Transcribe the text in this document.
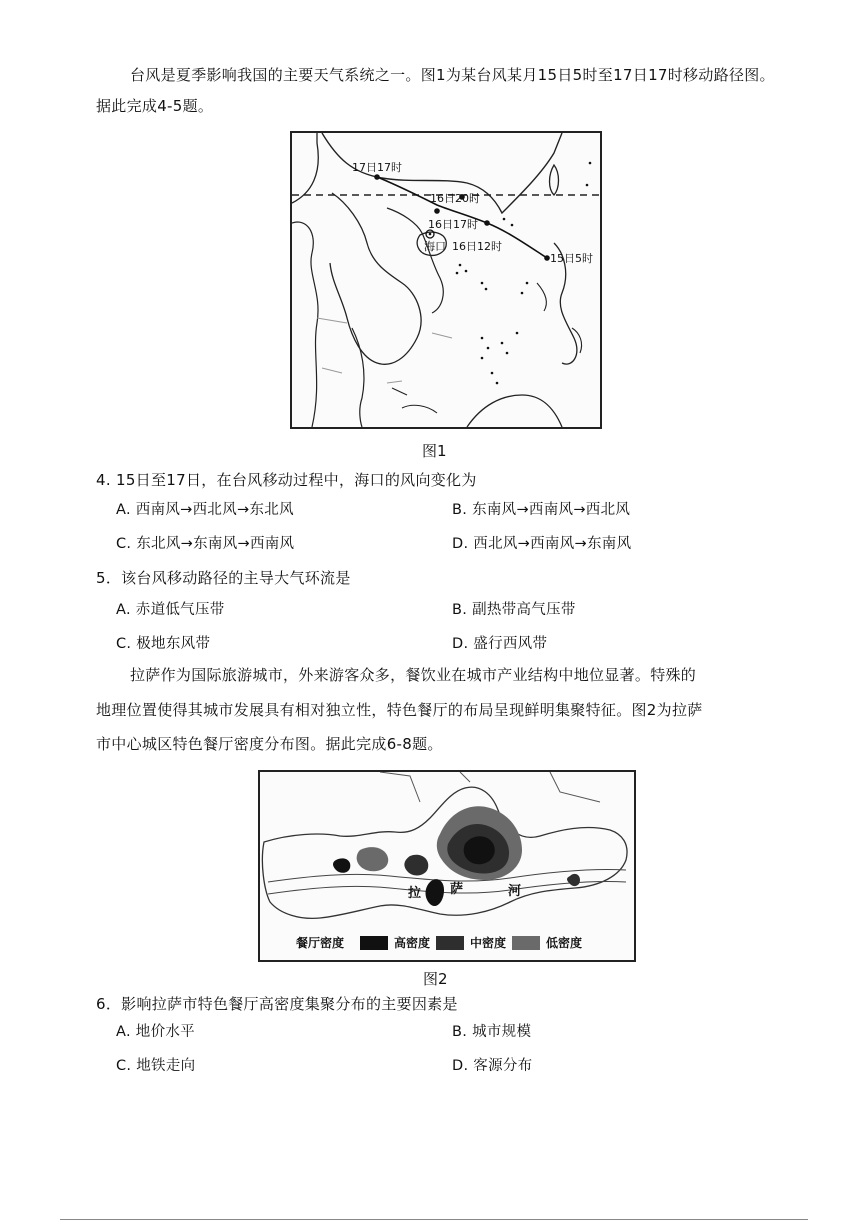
台风是夏季影响我国的主要天气系统之一。图1为某台风某月15日5时至17日17时移动路径图。
据此完成4-5题。
17日17时
16日20时
16日17时
海口 16日12时
15日5时
图1
4. 15日至17日，在台风移动过程中，海口的风向变化为
A. 西南风→西北风→东北风	B. 东南风→西南风→西北风
C. 东北风→东南风→西南风	D. 西北风→西南风→东南风
5．该台风移动路径的主导大气环流是
A. 赤道低气压带	B. 副热带高气压带
C. 极地东风带	D. 盛行西风带
拉萨作为国际旅游城市，外来游客众多，餐饮业在城市产业结构中地位显著。特殊的
地理位置使得其城市发展具有相对独立性，特色餐厅的布局呈现鲜明集聚特征。图2为拉萨
市中心城区特色餐厅密度分布图。据此完成6-8题。
拉 萨	河
餐厅密度	高密度	中密度	低密度
图2
6．影响拉萨市特色餐厅高密度集聚分布的主要因素是
A. 地价水平	B. 城市规模
C. 地铁走向	D. 客源分布
